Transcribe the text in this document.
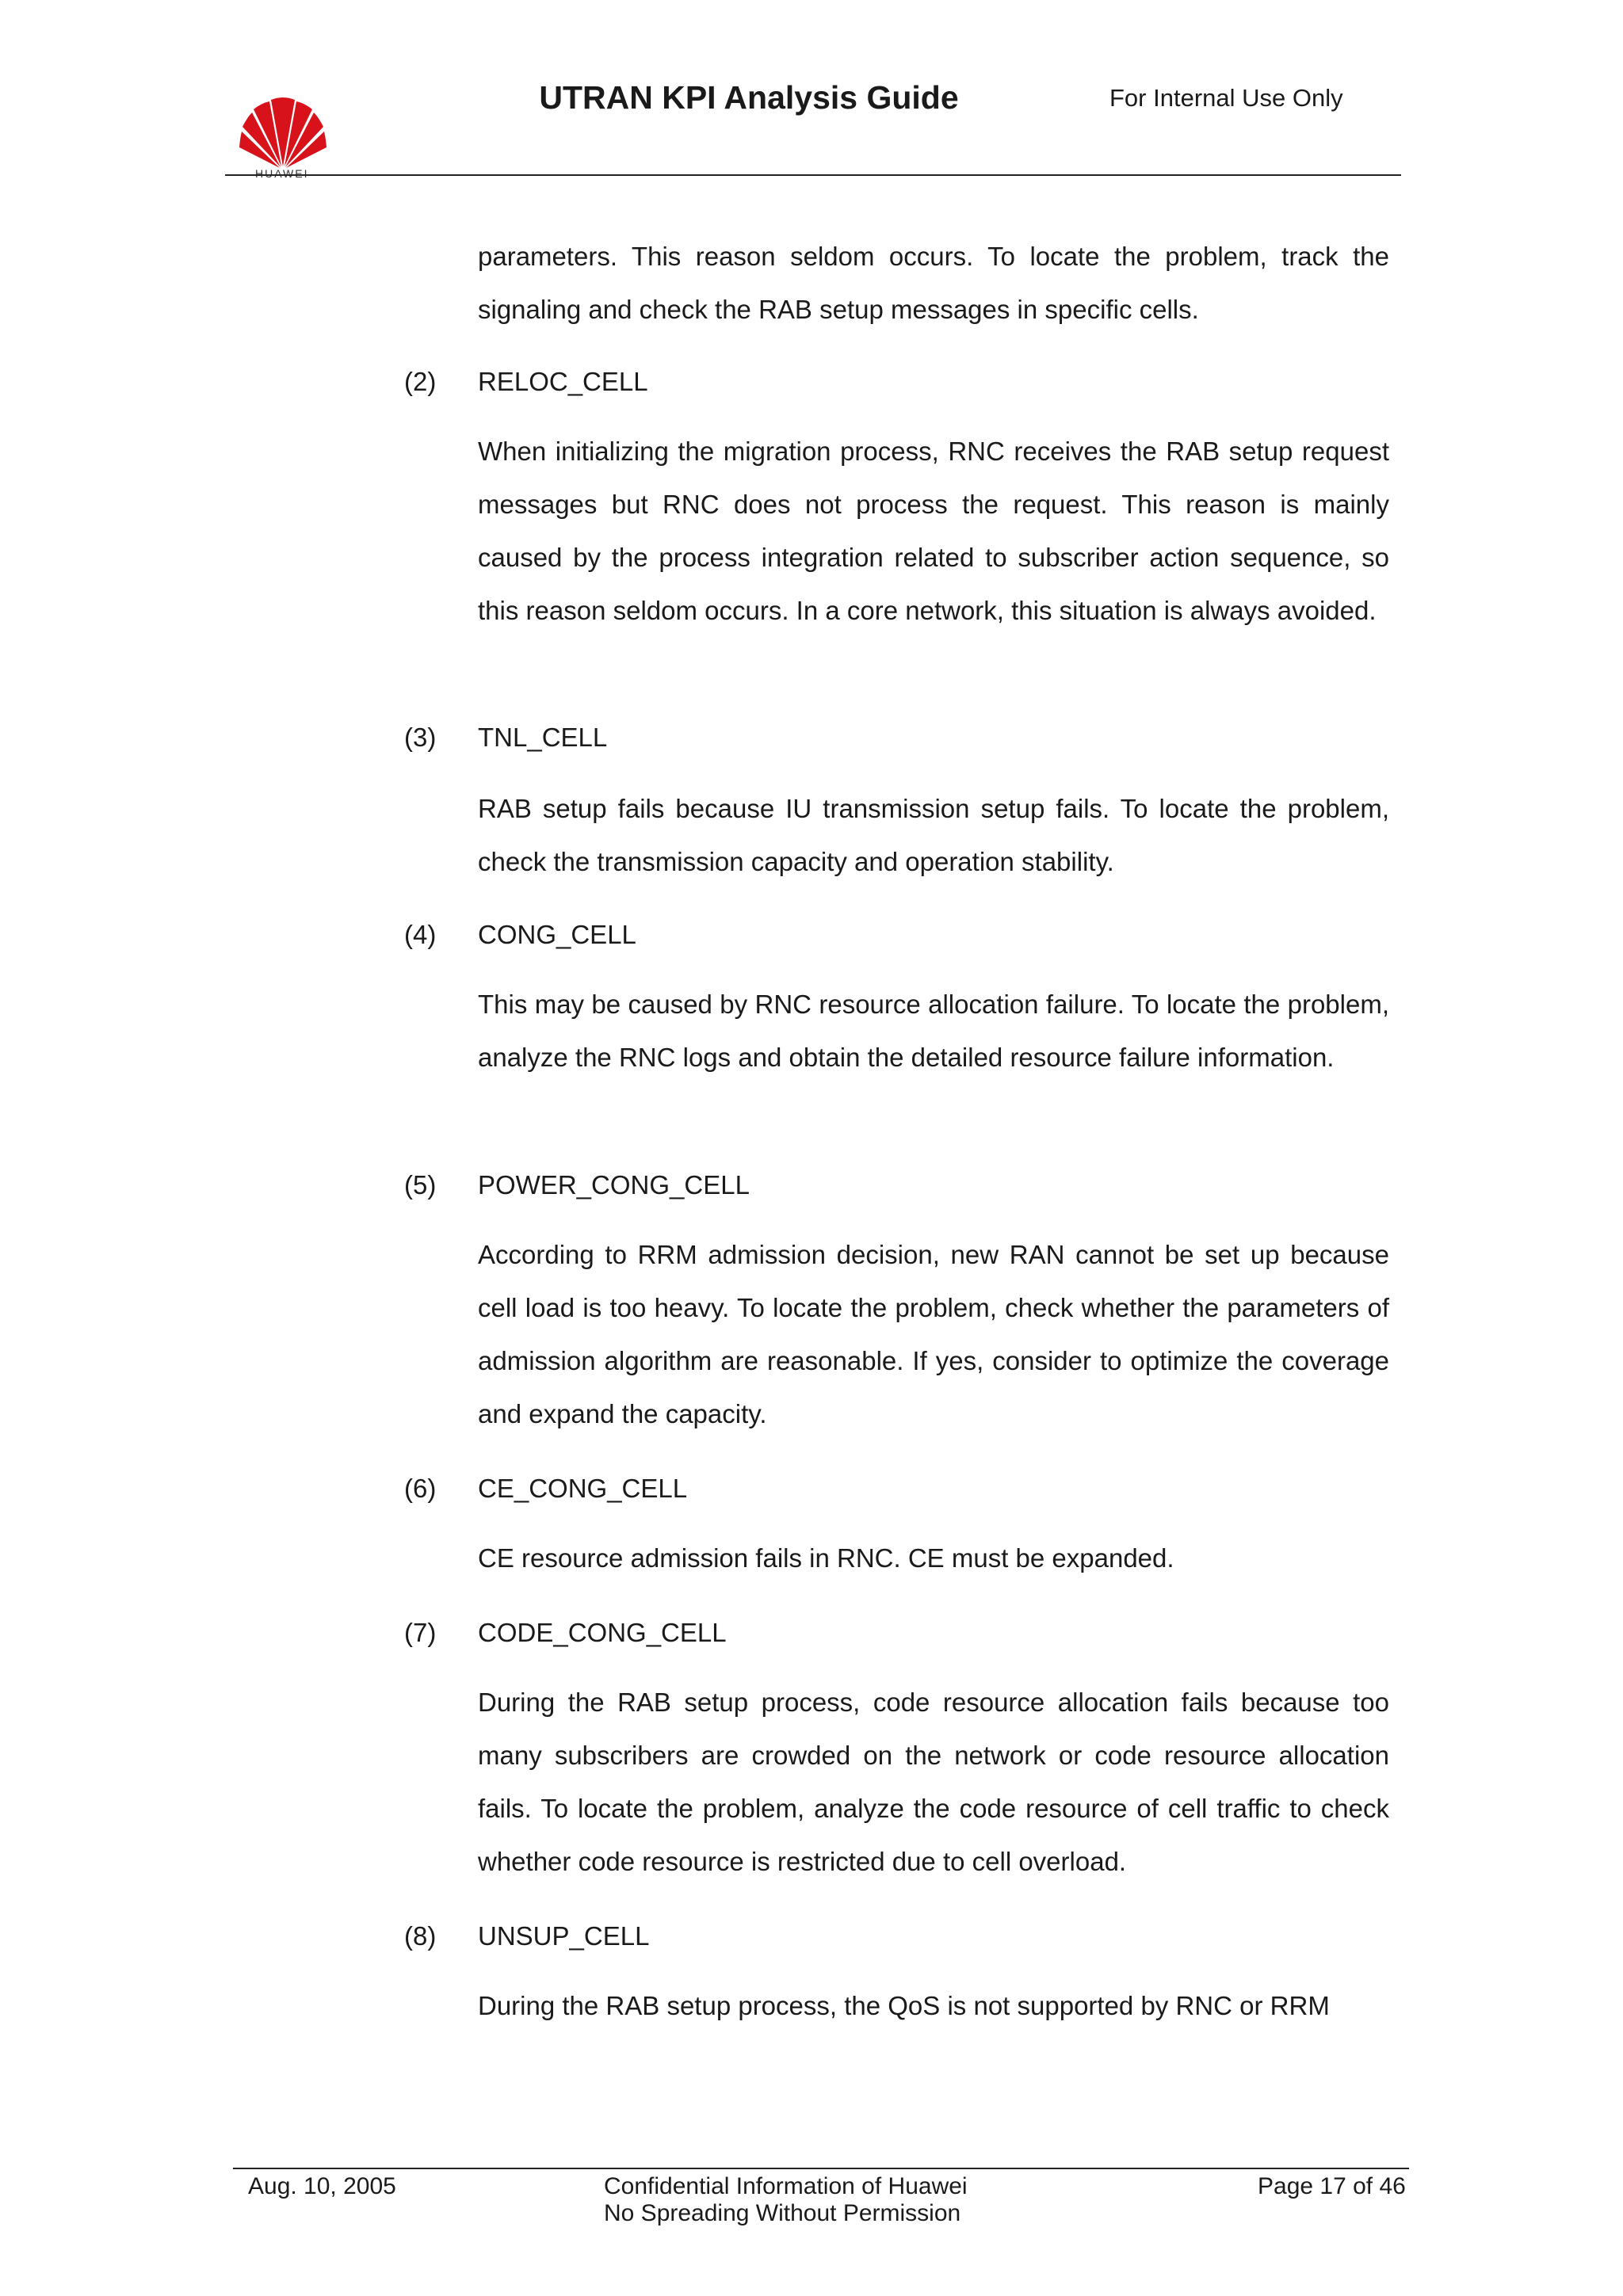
HUAWEI
UTRAN KPI Analysis Guide	For Internal Use Only

parameters. This reason seldom occurs. To locate the problem, track the signaling and check the RAB setup messages in specific cells.

(2) RELOC_CELL

When initializing the migration process, RNC receives the RAB setup request messages but RNC does not process the request. This reason is mainly caused by the process integration related to subscriber action sequence, so this reason seldom occurs. In a core network, this situation is always avoided.

(3) TNL_CELL

RAB setup fails because IU transmission setup fails. To locate the problem, check the transmission capacity and operation stability.

(4) CONG_CELL

This may be caused by RNC resource allocation failure. To locate the problem, analyze the RNC logs and obtain the detailed resource failure information.

(5) POWER_CONG_CELL

According to RRM admission decision, new RAN cannot be set up because cell load is too heavy. To locate the problem, check whether the parameters of admission algorithm are reasonable. If yes, consider to optimize the coverage and expand the capacity.

(6) CE_CONG_CELL

CE resource admission fails in RNC. CE must be expanded.

(7) CODE_CONG_CELL

During the RAB setup process, code resource allocation fails because too many subscribers are crowded on the network or code resource allocation fails. To locate the problem, analyze the code resource of cell traffic to check whether code resource is restricted due to cell overload.

(8) UNSUP_CELL

During the RAB setup process, the QoS is not supported by RNC or RRM

Aug. 10, 2005	Confidential Information of Huawei
No Spreading Without Permission
Page 17 of 46
